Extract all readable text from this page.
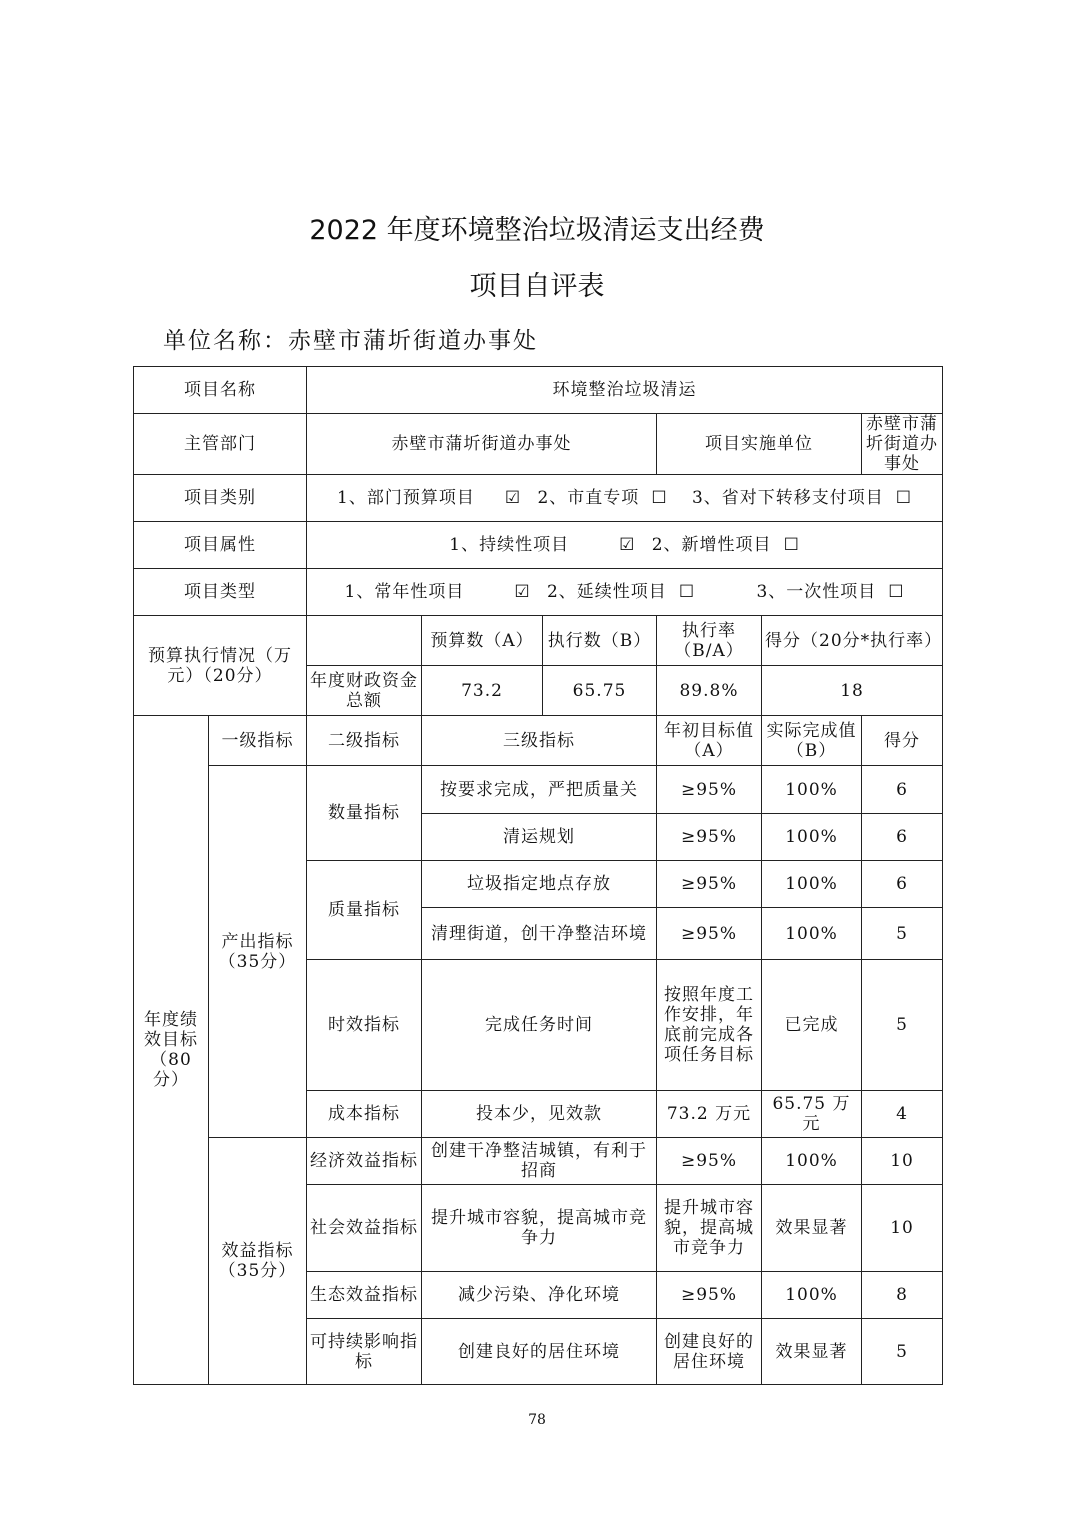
2022 年度环境整治垃圾清运支出经费
项目自评表
单位名称：赤壁市蒲圻街道办事处
项目名称		环境整治垃圾清运					
主管部门		赤壁市蒲圻街道办事处			项目实施单位		赤壁市蒲圻街道办事处
项目类别		1、部门预算项目 ☑ 2、市直专项 ☐ 3、省对下转移支付项目 ☐					
项目属性		1、持续性项目 ☑ 2、新增性项目 ☐					
项目类型		1、常年性项目 ☑ 2、延续性项目 ☐ 3、一次性项目 ☐					
预算执行情况（万元）（20分）			预算数（A）	执行数（B）	执行率（B/A）	得分（20分*执行率）	
		年度财政资金总额	73.2	65.75	89.8%	18	
年度绩效目标（80分）	一级指标	二级指标	三级指标		年初目标值（A）	实际完成值（B）	得分
	产出指标（35分）	数量指标	按要求完成，严把质量关		≥95%	100%	6
			清运规划		≥95%	100%	6
		质量指标	垃圾指定地点存放		≥95%	100%	6
			清理街道，创干净整洁环境		≥95%	100%	5
		时效指标	完成任务时间		按照年度工作安排，年底前完成各项任务目标	已完成	5
		成本指标	投本少，见效款		73.2 万元	65.75 万元	4
	效益指标（35分）	经济效益指标	创建干净整洁城镇，有利于招商		≥95%	100%	10
		社会效益指标	提升城市容貌，提高城市竞争力		提升城市容貌，提高城市竞争力	效果显著	10
		生态效益指标	减少污染、净化环境		≥95%	100%	8
		可持续影响指标	创建良好的居住环境		创建良好的居住环境	效果显著	5
78
